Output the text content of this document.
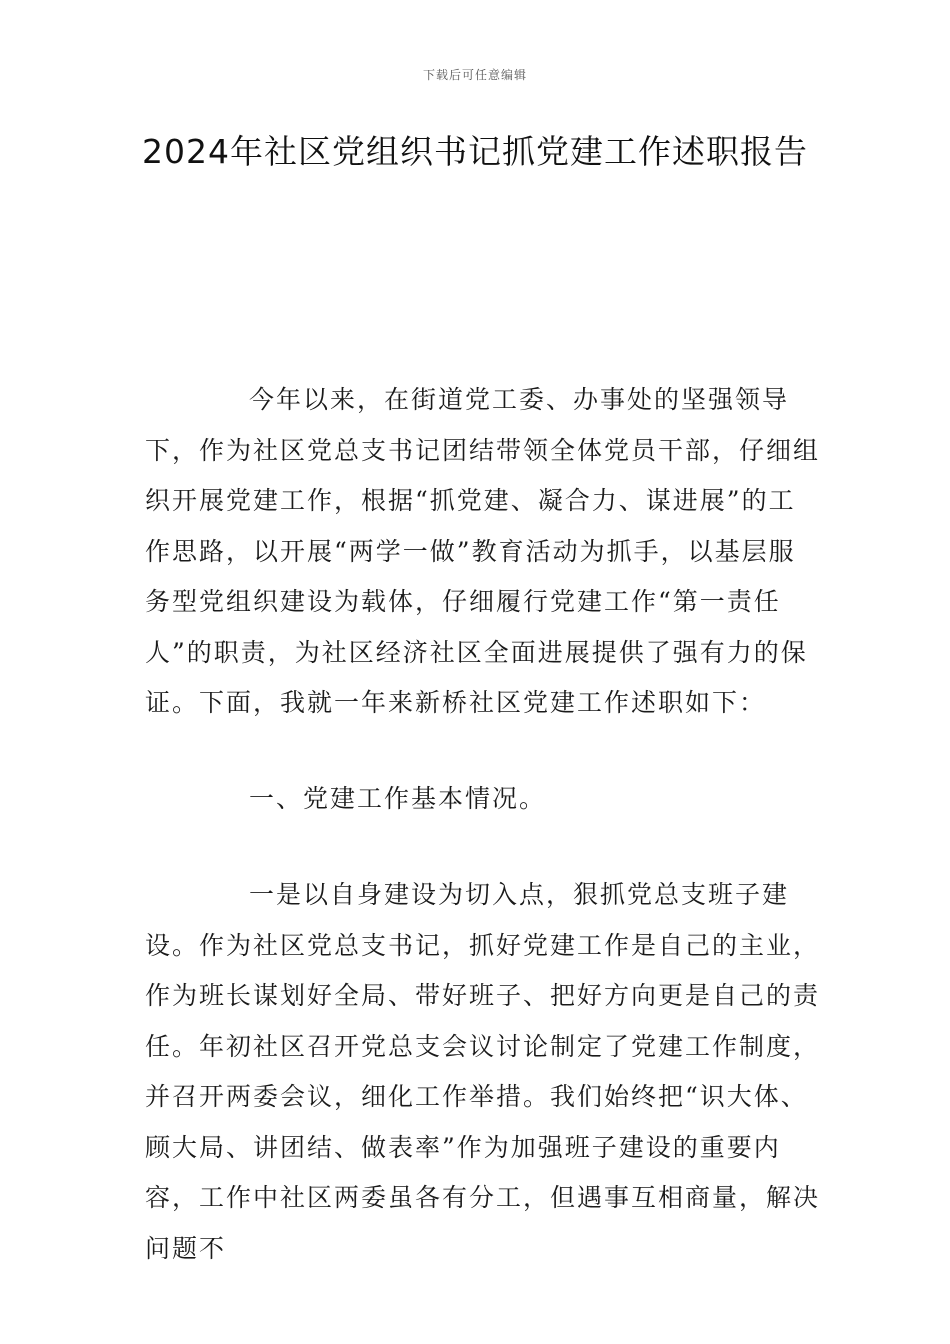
下载后可任意编辑
2024年社区党组织书记抓党建工作述职报告

今年以来，在街道党工委、办事处的坚强领导下，作为社区党总支书记团结带领全体党员干部，仔细组织开展党建工作，根据“抓党建、凝合力、谋进展”的工作思路，以开展“两学一做”教育活动为抓手，以基层服务型党组织建设为载体，仔细履行党建工作“第一责任人”的职责，为社区经济社区全面进展提供了强有力的保证。下面，我就一年来新桥社区党建工作述职如下：

一、党建工作基本情况。

一是以自身建设为切入点，狠抓党总支班子建设。作为社区党总支书记，抓好党建工作是自己的主业，作为班长谋划好全局、带好班子、把好方向更是自己的责任。年初社区召开党总支会议讨论制定了党建工作制度，并召开两委会议，细化工作举措。我们始终把“识大体、顾大局、讲团结、做表率”作为加强班子建设的重要内容，工作中社区两委虽各有分工，但遇事互相商量，解决问题不
